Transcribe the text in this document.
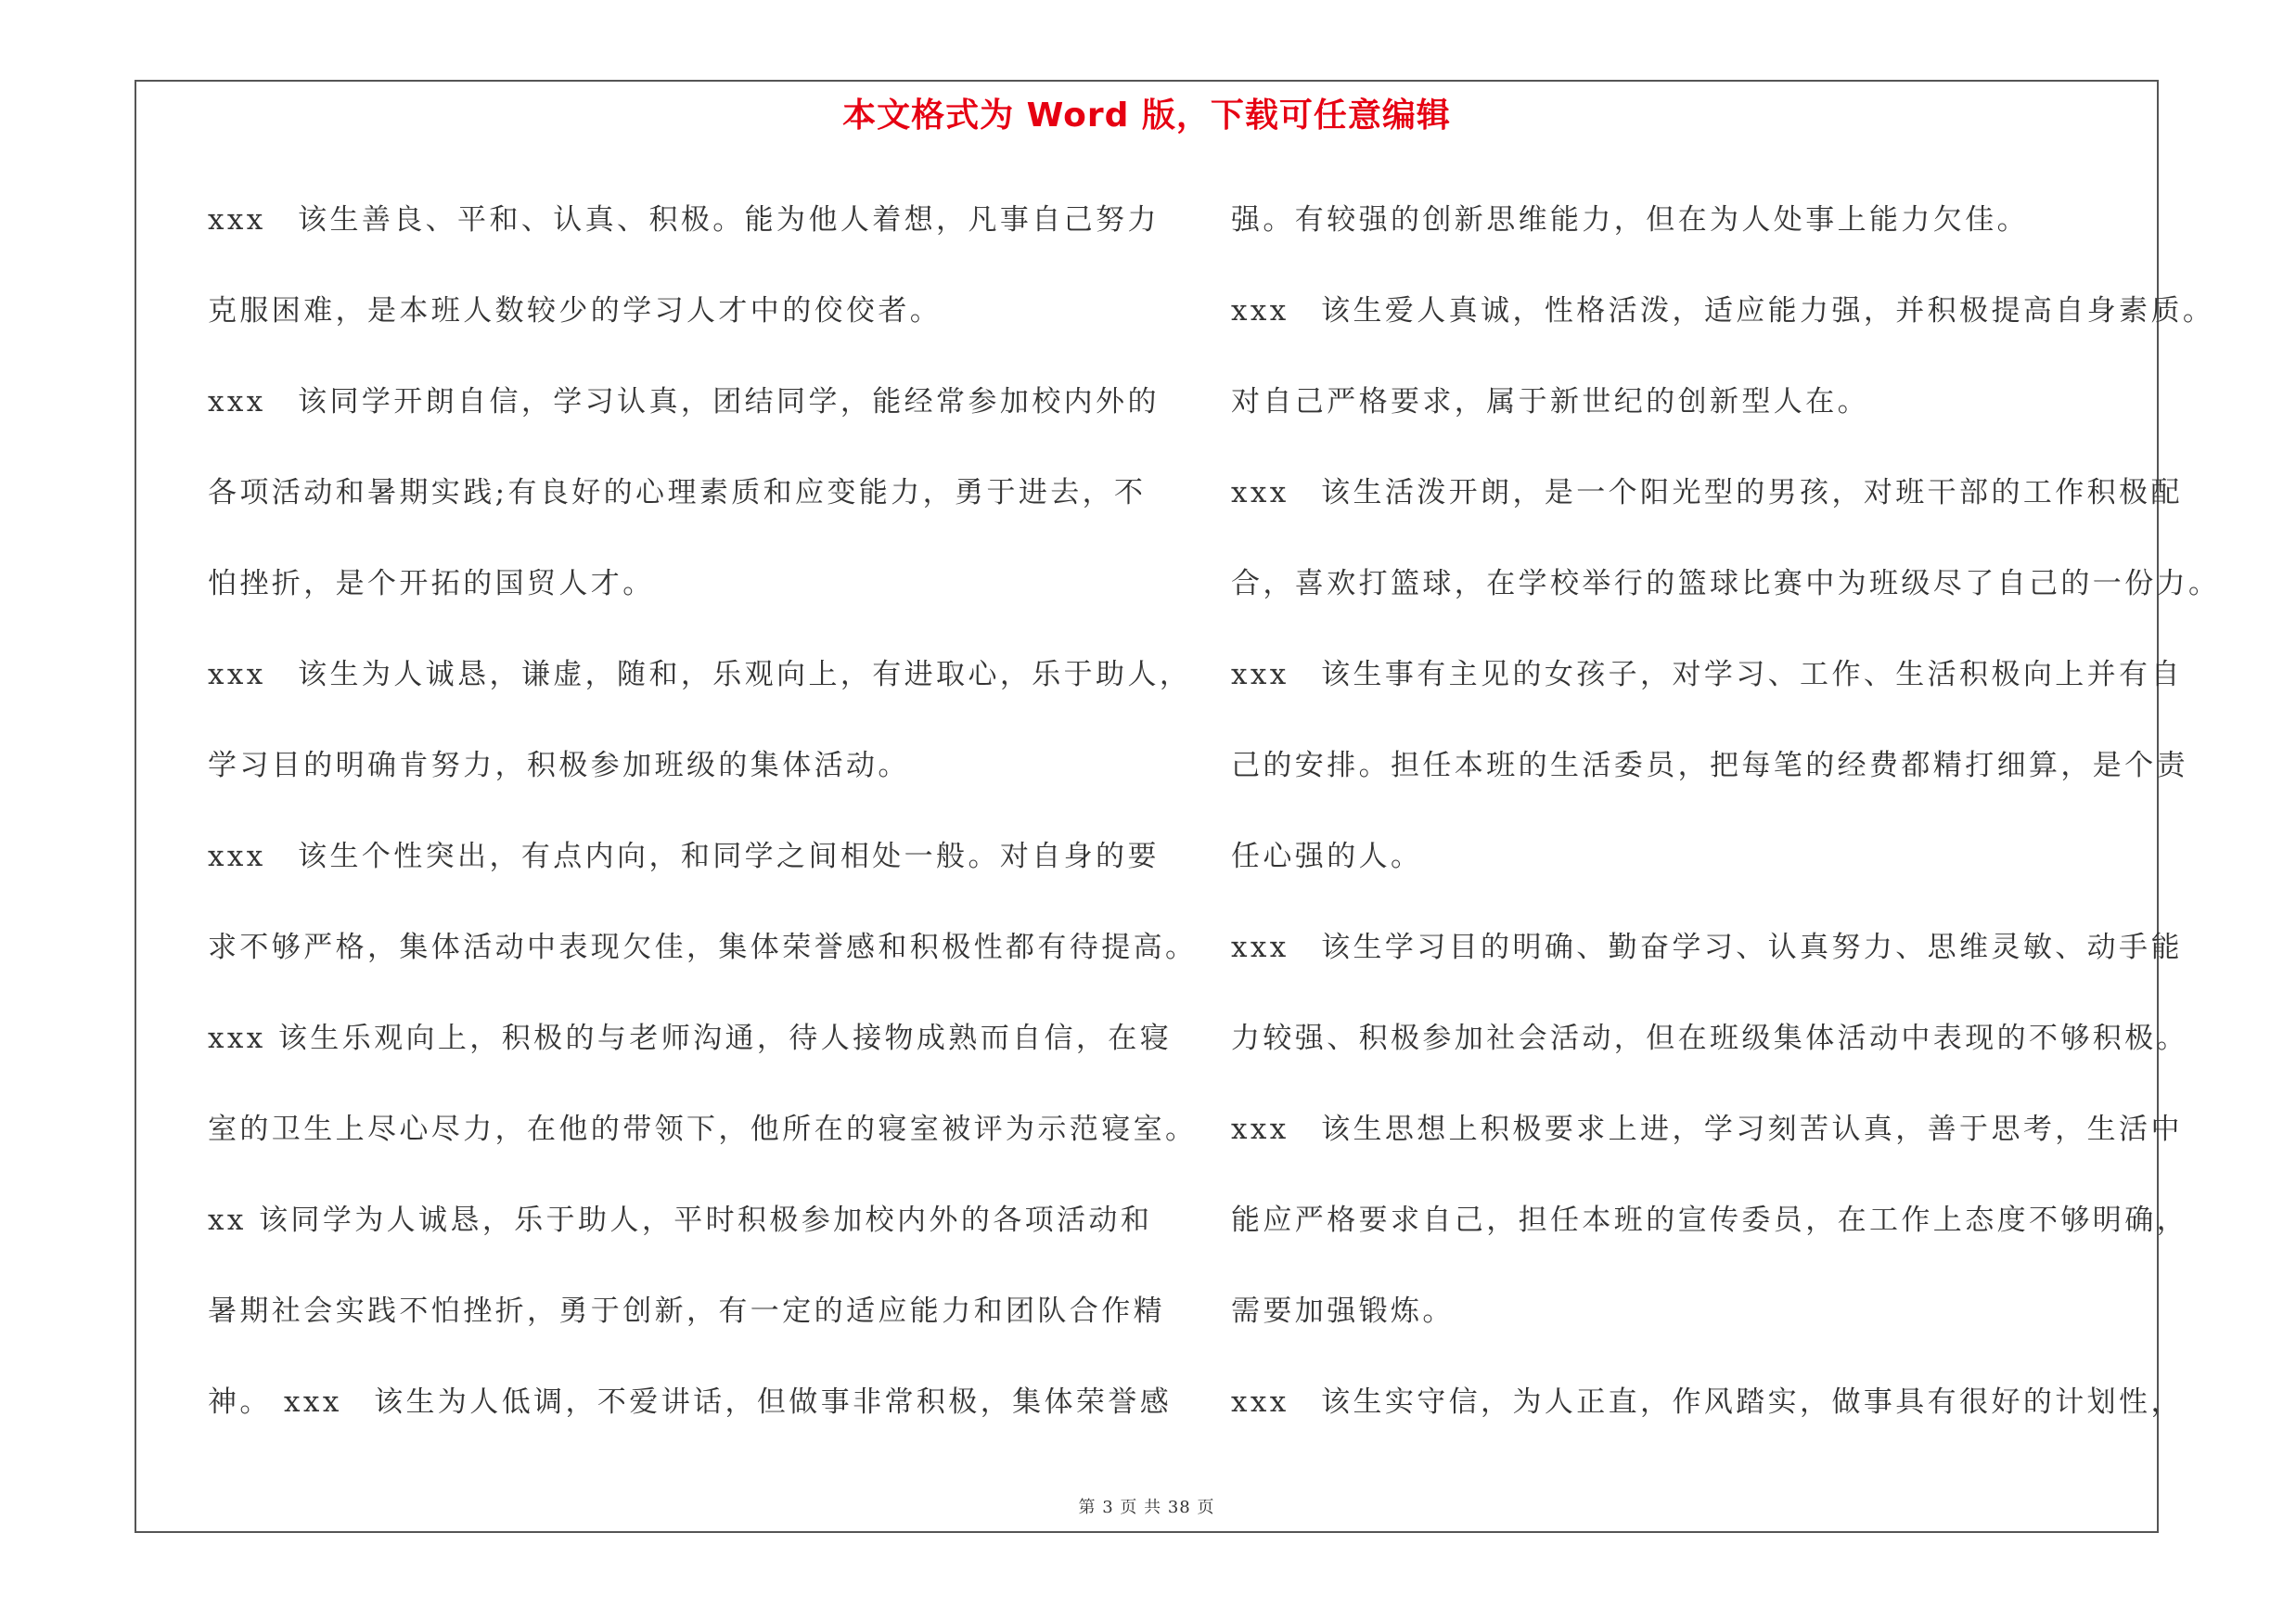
本文格式为 Word 版，下载可任意编辑
xxx　该生善良、平和、认真、积极。能为他人着想，凡事自己努力
克服困难，是本班人数较少的学习人才中的佼佼者。
xxx　该同学开朗自信，学习认真，团结同学，能经常参加校内外的
各项活动和暑期实践;有良好的心理素质和应变能力，勇于进去，不
怕挫折，是个开拓的国贸人才。
xxx　该生为人诚恳，谦虚，随和，乐观向上，有进取心，乐于助人，
学习目的明确肯努力，积极参加班级的集体活动。
xxx　该生个性突出，有点内向，和同学之间相处一般。对自身的要
求不够严格，集体活动中表现欠佳，集体荣誉感和积极性都有待提高。
xxx 该生乐观向上，积极的与老师沟通，待人接物成熟而自信，在寝
室的卫生上尽心尽力，在他的带领下，他所在的寝室被评为示范寝室。
xx 该同学为人诚恳，乐于助人，平时积极参加校内外的各项活动和
暑期社会实践不怕挫折，勇于创新，有一定的适应能力和团队合作精
神。 xxx　该生为人低调，不爱讲话，但做事非常积极，集体荣誉感
强。有较强的创新思维能力，但在为人处事上能力欠佳。
xxx　该生爱人真诚，性格活泼，适应能力强，并积极提高自身素质。
对自己严格要求，属于新世纪的创新型人在。
xxx　该生活泼开朗，是一个阳光型的男孩，对班干部的工作积极配
合，喜欢打篮球，在学校举行的篮球比赛中为班级尽了自己的一份力。
xxx　该生事有主见的女孩子，对学习、工作、生活积极向上并有自
己的安排。担任本班的生活委员，把每笔的经费都精打细算，是个责
任心强的人。
xxx　该生学习目的明确、勤奋学习、认真努力、思维灵敏、动手能
力较强、积极参加社会活动，但在班级集体活动中表现的不够积极。
xxx　该生思想上积极要求上进，学习刻苦认真，善于思考，生活中
能应严格要求自己，担任本班的宣传委员，在工作上态度不够明确，
需要加强锻炼。
xxx　该生实守信，为人正直，作风踏实，做事具有很好的计划性，
第 3 页 共 38 页
